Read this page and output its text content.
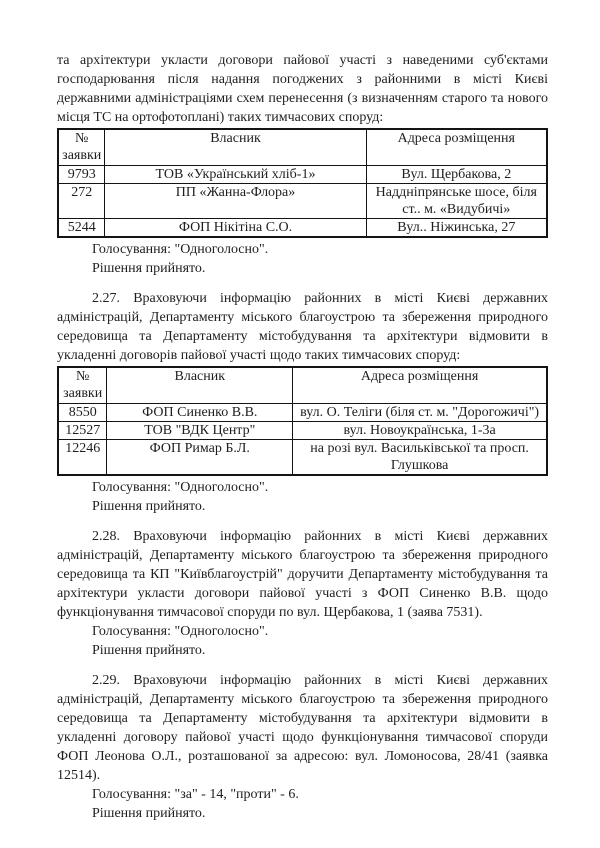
та архітектури укласти договори пайової участі з наведеними суб'єктами господарювання після надання погоджених з районними в місті Києві державними адміністраціями схем перенесення (з визначенням старого та нового місця ТС на ортофотоплані) таких тимчасових споруд:

№ заявки	Власник	Адреса розміщення
9793	ТОВ «Український хліб-1»	Вул. Щербакова, 2
272	ПП «Жанна-Флора»	Наддніпрянське шосе, біля ст.. м. «Видубичі»
5244	ФОП Нікітіна С.О.	Вул.. Ніжинська, 27

Голосування: "Одноголосно".

Рішення прийнято.

2.27. Враховуючи інформацію районних в місті Києві державних адміністрацій, Департаменту міського благоустрою та збереження природного середовища та Департаменту містобудування та архітектури відмовити в укладенні договорів пайової участі щодо таких тимчасових споруд:

№ заявки	Власник	Адреса розміщення
8550	ФОП Синенко В.В.	вул. О. Теліги (біля ст. м. "Дорогожичі")
12527	ТОВ "ВДК Центр"	вул. Новоукраїнська, 1-3а
12246	ФОП Римар Б.Л.	на розі вул. Васильківської та просп. Глушкова

Голосування: "Одноголосно".

Рішення прийнято.

2.28. Враховуючи інформацію районних в місті Києві державних адміністрацій, Департаменту міського благоустрою та збереження природного середовища та КП "Київблагоустрій" доручити Департаменту містобудування та архітектури укласти договори пайової участі з ФОП Синенко В.В. щодо функціонування тимчасової споруди по вул. Щербакова, 1 (заява 7531).

Голосування: "Одноголосно".

Рішення прийнято.

2.29. Враховуючи інформацію районних в місті Києві державних адміністрацій, Департаменту міського благоустрою та збереження природного середовища та Департаменту містобудування та архітектури відмовити в укладенні договору пайової участі щодо функціонування тимчасової споруди ФОП Леонова О.Л., розташованої за адресою: вул. Ломоносова, 28/41 (заявка 12514).

Голосування: "за" - 14, "проти" - 6.

Рішення прийнято.
